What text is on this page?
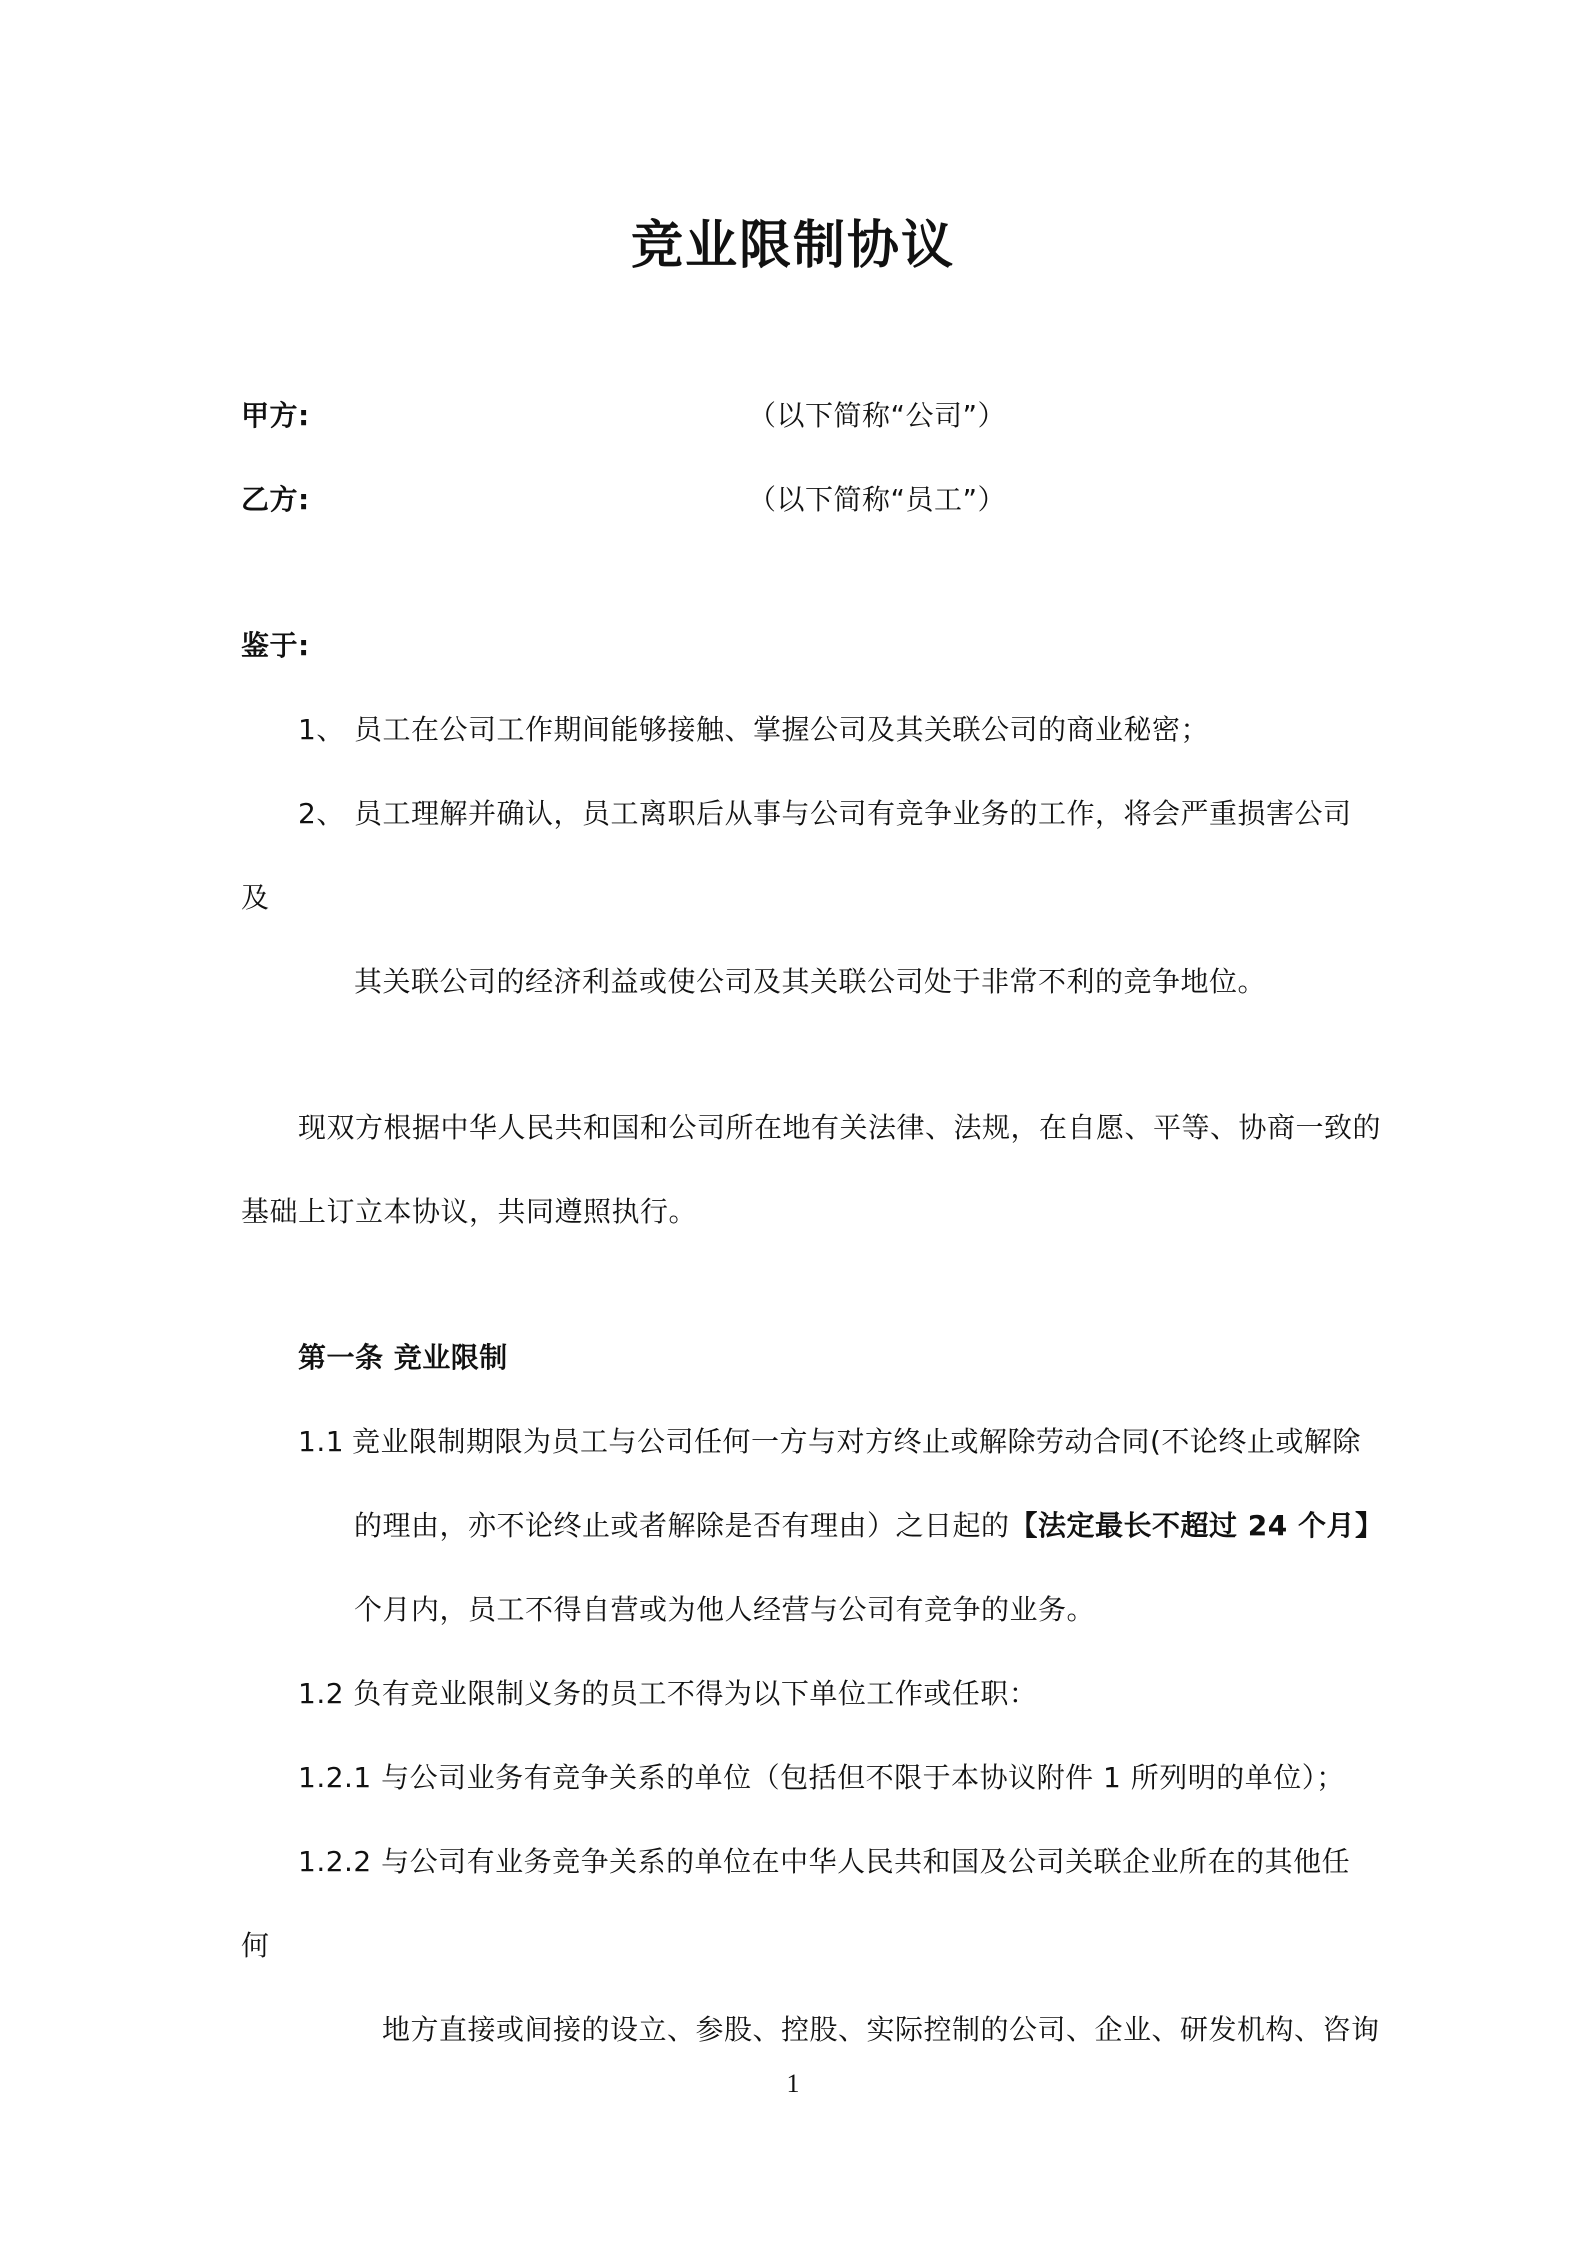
竞业限制协议
甲方:	（以下简称“公司”）
乙方:	（以下简称“员工”）
鉴于:
1、 员工在公司工作期间能够接触、掌握公司及其关联公司的商业秘密；
2、 员工理解并确认，员工离职后从事与公司有竞争业务的工作，将会严重损害公司
及
其关联公司的经济利益或使公司及其关联公司处于非常不利的竞争地位。
现双方根据中华人民共和国和公司所在地有关法律、法规，在自愿、平等、协商一致的
基础上订立本协议，共同遵照执行。
第一条 竞业限制
1.1 竞业限制期限为员工与公司任何一方与对方终止或解除劳动合同(不论终止或解除
的理由，亦不论终止或者解除是否有理由）之日起的【法定最长不超过 24 个月】
个月内，员工不得自营或为他人经营与公司有竞争的业务。
1.2 负有竞业限制义务的员工不得为以下单位工作或任职：
1.2.1 与公司业务有竞争关系的单位（包括但不限于本协议附件 1 所列明的单位）；
1.2.2 与公司有业务竞争关系的单位在中华人民共和国及公司关联企业所在的其他任
何
地方直接或间接的设立、参股、控股、实际控制的公司、企业、研发机构、咨询
1
